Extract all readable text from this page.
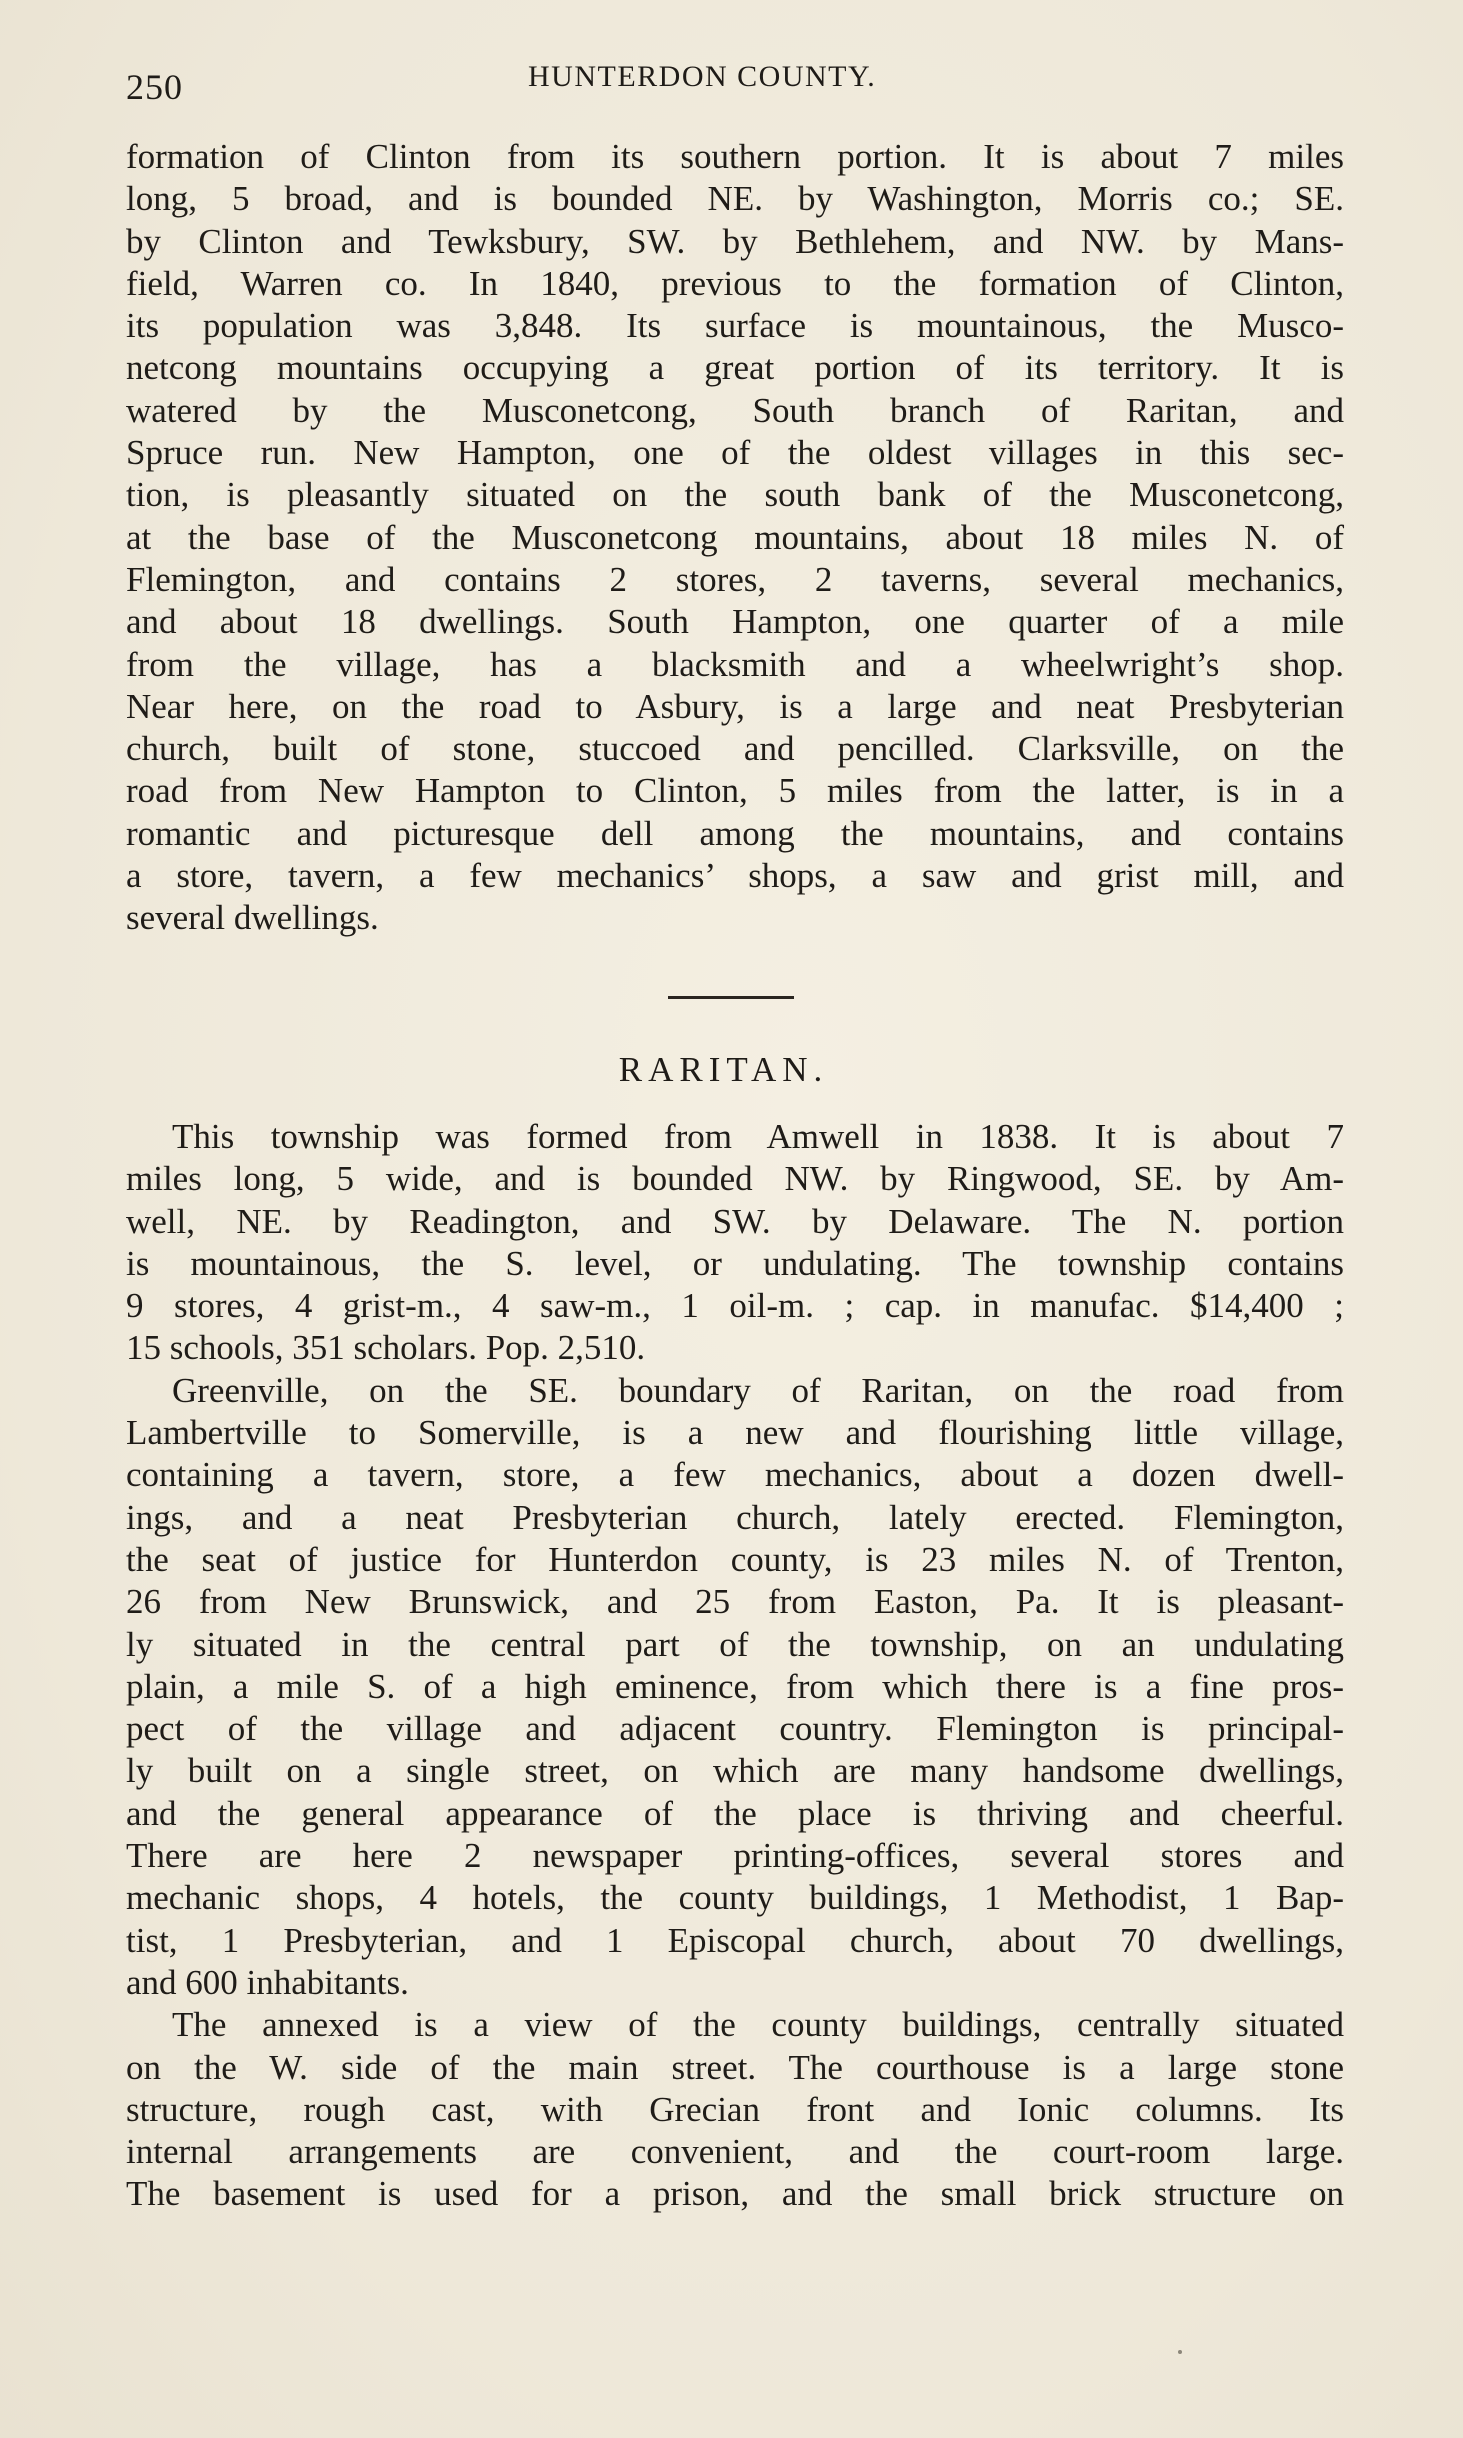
250	HUNTERDON COUNTY.
formation of Clinton from its southern portion. It is about 7 miles
long, 5 broad, and is bounded NE. by Washington, Morris co.; SE.
by Clinton and Tewksbury, SW. by Bethlehem, and NW. by Mans-
field, Warren co. In 1840, previous to the formation of Clinton,
its population was 3,848. Its surface is mountainous, the Musco-
netcong mountains occupying a great portion of its territory. It is
watered by the Musconetcong, South branch of Raritan, and
Spruce run. New Hampton, one of the oldest villages in this sec-
tion, is pleasantly situated on the south bank of the Musconetcong,
at the base of the Musconetcong mountains, about 18 miles N. of
Flemington, and contains 2 stores, 2 taverns, several mechanics,
and about 18 dwellings. South Hampton, one quarter of a mile
from the village, has a blacksmith and a wheelwright’s shop.
Near here, on the road to Asbury, is a large and neat Presbyterian
church, built of stone, stuccoed and pencilled. Clarksville, on the
road from New Hampton to Clinton, 5 miles from the latter, is in a
romantic and picturesque dell among the mountains, and contains
a store, tavern, a few mechanics’ shops, a saw and grist mill, and
several dwellings.
RARITAN.
This township was formed from Amwell in 1838. It is about 7
miles long, 5 wide, and is bounded NW. by Ringwood, SE. by Am-
well, NE. by Readington, and SW. by Delaware. The N. portion
is mountainous, the S. level, or undulating. The township contains
9 stores, 4 grist-m., 4 saw-m., 1 oil-m. ; cap. in manufac. $14,400 ;
15 schools, 351 scholars. Pop. 2,510.
Greenville, on the SE. boundary of Raritan, on the road from
Lambertville to Somerville, is a new and flourishing little village,
containing a tavern, store, a few mechanics, about a dozen dwell-
ings, and a neat Presbyterian church, lately erected. Flemington,
the seat of justice for Hunterdon county, is 23 miles N. of Trenton,
26 from New Brunswick, and 25 from Easton, Pa. It is pleasant-
ly situated in the central part of the township, on an undulating
plain, a mile S. of a high eminence, from which there is a fine pros-
pect of the village and adjacent country. Flemington is principal-
ly built on a single street, on which are many handsome dwellings,
and the general appearance of the place is thriving and cheerful.
There are here 2 newspaper printing-offices, several stores and
mechanic shops, 4 hotels, the county buildings, 1 Methodist, 1 Bap-
tist, 1 Presbyterian, and 1 Episcopal church, about 70 dwellings,
and 600 inhabitants.
The annexed is a view of the county buildings, centrally situated
on the W. side of the main street. The courthouse is a large stone
structure, rough cast, with Grecian front and Ionic columns. Its
internal arrangements are convenient, and the court-room large.
The basement is used for a prison, and the small brick structure on
